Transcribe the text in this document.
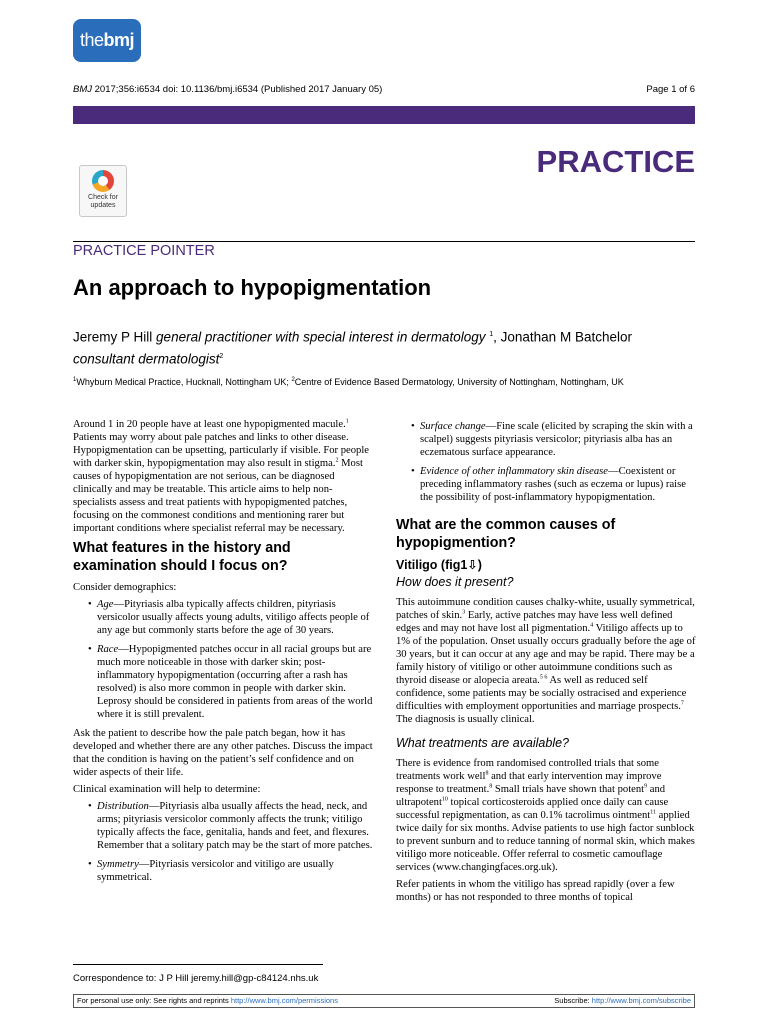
the bmj
BMJ 2017;356:i6534 doi: 10.1136/bmj.i6534 (Published 2017 January 05)	Page 1 of 6
PRACTICE
Check for
updates
PRACTICE POINTER
An approach to hypopigmentation
Jeremy P Hill general practitioner with special interest in dermatology $^1$, Jonathan M Batchelor
consultant dermatologist$^2$
$^1$Whyburn Medical Practice, Hucknall, Nottingham UK; $^2$Centre of Evidence Based Dermatology, University of Nottingham, Nottingham, UK

Around 1 in 20 people have at least one hypopigmented macule.$^1$ Patients may worry about pale patches and links to other disease. Hypopigmentation can be upsetting, particularly if visible. For people with darker skin, hypopigmentation may also result in stigma.$^2$ Most causes of hypopigmentation are not serious, can be diagnosed clinically and may be treatable. This article aims to help non-specialists assess and treat patients with hypopigmented patches, focusing on the commonest conditions and mentioning rarer but important conditions where specialist referral may be necessary.

What features in the history and examination should I focus on?

Consider demographics:

• Age—Pityriasis alba typically affects children, pityriasis versicolor usually affects young adults, vitiligo affects people of any age but commonly starts before the age of 30 years.
• Race—Hypopigmented patches occur in all racial groups but are much more noticeable in those with darker skin; post-inflammatory hypopigmentation (occurring after a rash has resolved) is also more common in people with darker skin. Leprosy should be considered in patients from areas of the world where it is still prevalent.

Ask the patient to describe how the pale patch began, how it has developed and whether there are any other patches. Discuss the impact that the condition is having on the patient’s self confidence and on wider aspects of their life.

Clinical examination will help to determine:

• Distribution—Pityriasis alba usually affects the head, neck, and arms; pityriasis versicolor commonly affects the trunk; vitiligo typically affects the face, genitalia, hands and feet, and flexures. Remember that a solitary patch may be the start of more patches.
• Symmetry—Pityriasis versicolor and vitiligo are usually symmetrical.
• Surface change—Fine scale (elicited by scraping the skin with a scalpel) suggests pityriasis versicolor; pityriasis alba has an eczematous surface appearance.
• Evidence of other inflammatory skin disease—Coexistent or preceding inflammatory rashes (such as eczema or lupus) raise the possibility of post-inflammatory hypopigmentation.
What are the common causes of hypopigmention?
Vitiligo (fig1⇩)
How does it present?

This autoimmune condition causes chalky-white, usually symmetrical, patches of skin.$^3$ Early, active patches may have less well defined edges and may not have lost all pigmentation.$^4$ Vitiligo affects up to 1% of the population. Onset usually occurs gradually before the age of 30 years, but it can occur at any age and may be rapid. There may be a family history of vitiligo or other autoimmune conditions such as thyroid disease or alopecia areata.$^{5 6}$ As well as reduced self confidence, some patients may be socially ostracised and experience difficulties with employment opportunities and marriage prospects.$^7$ The diagnosis is usually clinical.

What treatments are available?

There is evidence from randomised controlled trials that some treatments work well$^8$ and that early intervention may improve response to treatment.$^8$ Small trials have shown that potent$^9$ and ultrapotent$^{10}$ topical corticosteroids applied once daily can cause successful repigmentation, as can 0.1% tacrolimus ointment$^{11}$ applied twice daily for six months. Advise patients to use high factor sunblock to prevent sunburn and to reduce tanning of normal skin, which makes vitiligo more noticeable. Offer referral to cosmetic camouflage services (www.changingfaces.org.uk).

Refer patients in whom the vitiligo has spread rapidly (over a few months) or has not responded to three months of topical

Correspondence to: J P Hill jeremy.hill@gp-c84124.nhs.uk
For personal use only: See rights and reprints http://www.bmj.com/permissions	Subscribe: http://www.bmj.com/subscribe
